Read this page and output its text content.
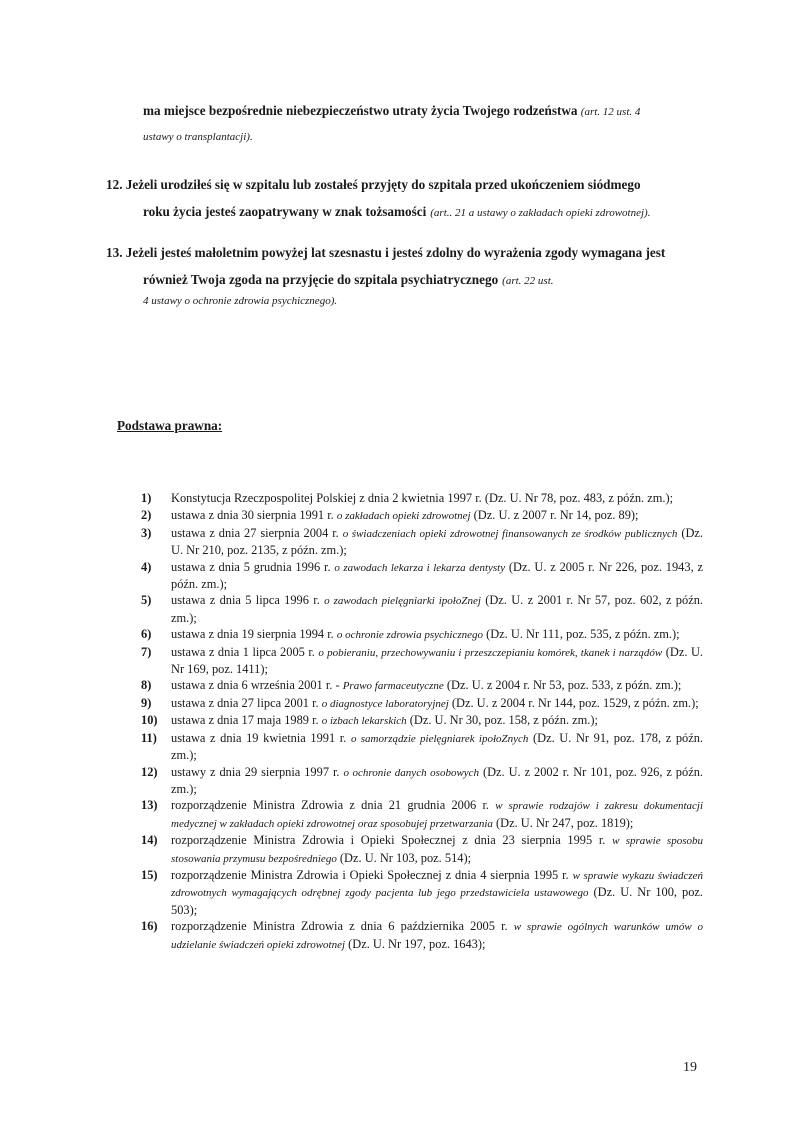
ma miejsce bezpośrednie niebezpieczeństwo utraty życia Twojego rodzeństwa (art. 12 ust. 4
ustawy o transplantacji).
12. Jeżeli urodziłeś się w szpitalu lub zostałeś przyjęty do szpitala przed ukończeniem siódmego
roku życia jesteś zaopatrywany w znak tożsamości (art.. 21 a ustawy o zakładach opieki zdrowotnej).
13. Jeżeli jesteś małoletnim powyżej lat szesnastu i jesteś zdolny do wyrażenia zgody wymagana jest
również Twoja zgoda na przyjęcie do szpitala psychiatrycznego (art. 22 ust.
4 ustawy o ochronie zdrowia psychicznego).
Podstawa prawna:
1)	Konstytucja Rzeczpospolitej Polskiej z dnia 2 kwietnia 1997 r. (Dz. U. Nr 78, poz. 483, z późn. zm.);
2)	ustawa z dnia 30 sierpnia 1991 r. o zakładach opieki zdrowotnej (Dz. U. z 2007 r. Nr 14, poz. 89);
3)	ustawa z dnia 27 sierpnia 2004 r. o świadczeniach opieki zdrowotnej finansowanych ze środków publicznych (Dz. U. Nr 210, poz. 2135, z późn. zm.);
4)	ustawa z dnia 5 grudnia 1996 r. o zawodach lekarza i lekarza dentysty (Dz. U. z 2005 r. Nr 226, poz. 1943, z późn. zm.);
5)	ustawa z dnia 5 lipca 1996 r. o zawodach pielęgniarki ipołoZnej (Dz. U. z 2001 r. Nr 57, poz. 602, z późn. zm.);
6)	ustawa z dnia 19 sierpnia 1994 r. o ochronie zdrowia psychicznego (Dz. U. Nr 111, poz. 535, z późn. zm.);
7)	ustawa z dnia 1 lipca 2005 r. o pobieraniu, przechowywaniu i przeszczepianiu komórek, tkanek i narządów (Dz. U. Nr 169, poz. 1411);
8)	ustawa z dnia 6 września 2001 r. - Prawo farmaceutyczne (Dz. U. z 2004 r. Nr 53, poz. 533, z późn. zm.);
9)	ustawa z dnia 27 lipca 2001 r. o diagnostyce laboratoryjnej (Dz. U. z 2004 r. Nr 144, poz. 1529, z późn. zm.);
10)	ustawa z dnia 17 maja 1989 r. o izbach lekarskich (Dz. U. Nr 30, poz. 158, z późn. zm.);
11)	ustawa z dnia 19 kwietnia 1991 r. o samorządzie pielęgniarek ipołoZnych (Dz. U. Nr 91, poz. 178, z późn. zm.);
12)	ustawy z dnia 29 sierpnia 1997 r. o ochronie danych osobowych (Dz. U. z 2002 r. Nr 101, poz. 926, z późn. zm.);
13)	rozporządzenie Ministra Zdrowia z dnia 21 grudnia 2006 r. w sprawie rodzajów i zakresu dokumentacji medycznej w zakładach opieki zdrowotnej oraz sposobujej przetwarzania (Dz. U. Nr 247, poz. 1819);
14)	rozporządzenie Ministra Zdrowia i Opieki Społecznej z dnia 23 sierpnia 1995 r. w sprawie sposobu stosowania przymusu bezpośredniego (Dz. U. Nr 103, poz. 514);
15)	rozporządzenie Ministra Zdrowia i Opieki Społecznej z dnia 4 sierpnia 1995 r. w sprawie wykazu świadczeń zdrowotnych wymagających odrębnej zgody pacjenta lub jego przedstawiciela ustawowego (Dz. U. Nr 100, poz. 503);
16)	rozporządzenie Ministra Zdrowia z dnia 6 października 2005 r. w sprawie ogólnych warunków umów o udzielanie świadczeń opieki zdrowotnej (Dz. U. Nr 197, poz. 1643);
19
